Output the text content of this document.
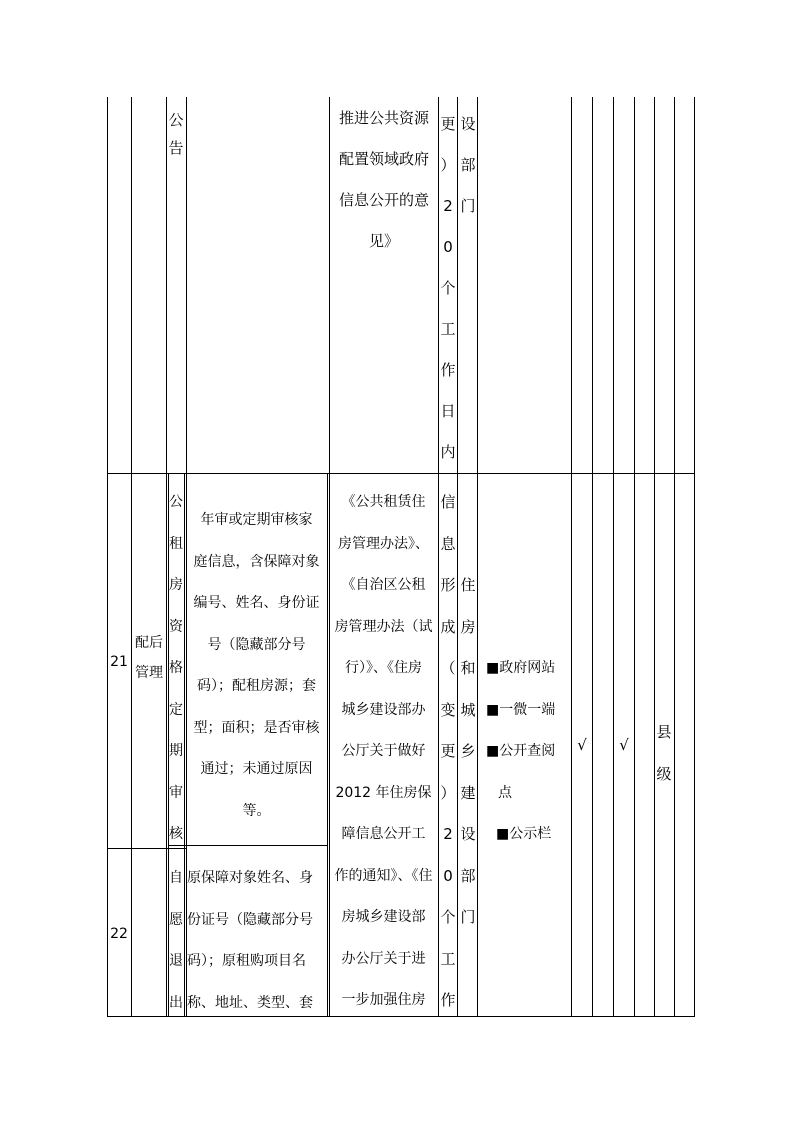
公
告
推进公共资源
配置领域政府
信息公开的意
见》
更
）
2
0
个
工
作
日
内
设
部
门
21
配后
管理
公
租
房
资
格
定
期
审
核
年审或定期审核家
庭信息，含保障对象
编号、姓名、身份证
号（隐藏部分号
码）；配租房源；套
型；面积；是否审核
通过；未通过原因
等。
《公共租赁住
房管理办法》、
《自治区公租
房管理办法（试
行）》、《住房
城乡建设部办
公厅关于做好
2012 年住房保
障信息公开工
作的通知》、《住
房城乡建设部
办公厅关于进
一步加强住房
信
息
形
成
（
变
更
）
2
0
个
工
作
住
房
和
城
乡
建
设
部
门
■政府网站
■一微一端
■公开查阅
点
■公示栏
√	√
县
级
22
自
愿
退
出
原保障对象姓名、身
份证号（隐藏部分号
码）；原租购项目名
称、地址、类型、套
